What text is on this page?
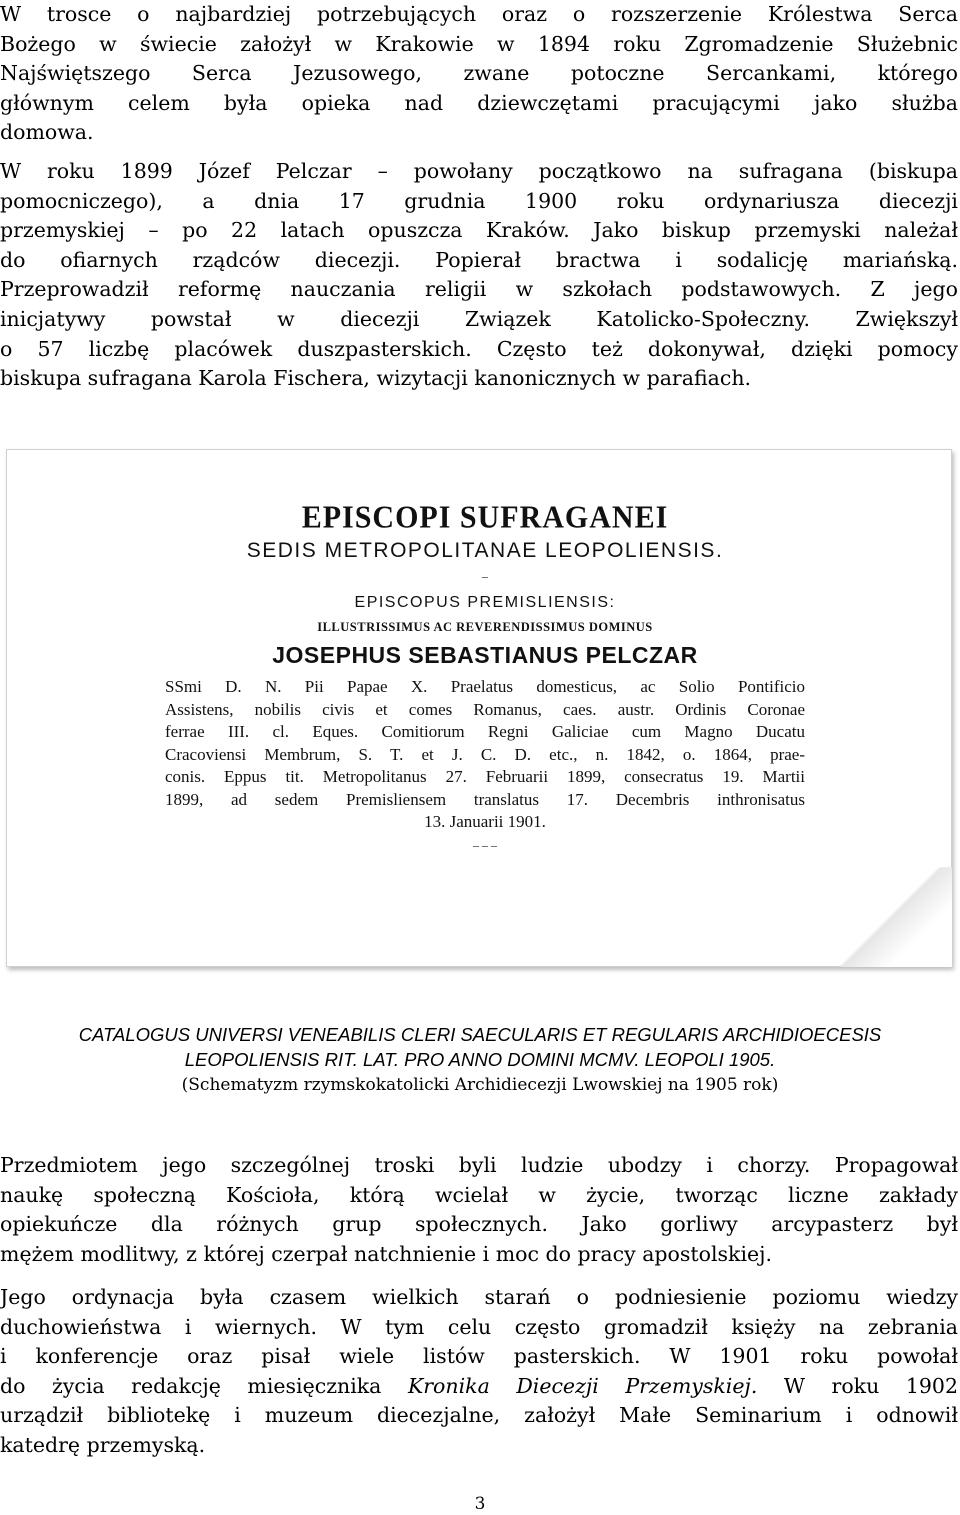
W trosce o najbardziej potrzebujących oraz o rozszerzenie Królestwa Serca
Bożego w świecie założył w Krakowie w 1894 roku Zgromadzenie Służebnic
Najświętszego Serca Jezusowego, zwane potoczne Sercankami, którego
głównym celem była opieka nad dziewczętami pracującymi jako służba
domowa.

W roku 1899 Józef Pelczar – powołany początkowo na sufragana (biskupa
pomocniczego), a dnia 17 grudnia 1900 roku ordynariusza diecezji
przemyskiej – po 22 latach opuszcza Kraków. Jako biskup przemyski należał
do ofiarnych rządców diecezji. Popierał bractwa i sodalicję mariańską.
Przeprowadził reformę nauczania religii w szkołach podstawowych. Z jego
inicjatywy powstał w diecezji Związek Katolicko-Społeczny. Zwiększył
o 57 liczbę placówek duszpasterskich. Często też dokonywał, dzięki pomocy
biskupa sufragana Karola Fischera, wizytacji kanonicznych w parafiach.

EPISCOPI SUFRAGANEI

SEDIS METROPOLITANAE LEOPOLIENSIS.

–

EPISCOPUS PREMISLIENSIS:

ILLUSTRISSIMUS AC REVERENDISSIMUS DOMINUS

JOSEPHUS SEBASTIANUS PELCZAR

SSmi D. N. Pii Papae X. Praelatus domesticus, ac Solio Pontificio

Assistens, nobilis civis et comes Romanus, caes. austr. Ordinis Coronae

ferrae III. cl. Eques. Comitiorum Regni Galiciae cum Magno Ducatu

Cracoviensi Membrum, S. T. et J. C. D. etc., n. 1842, o. 1864, prae-

conis. Eppus tit. Metropolitanus 27. Februarii 1899, consecratus 19. Martii

1899, ad sedem Premisliensem translatus 17. Decembris inthronisatus

13. Januarii 1901.

– – –

CATALOGUS UNIVERSI VENEABILIS CLERI SAECULARIS ET REGULARIS ARCHIDIOECESIS

LEOPOLIENSIS RIT. LAT. PRO ANNO DOMINI MCMV. LEOPOLI 1905.

(Schematyzm rzymskokatolicki Archidiecezji Lwowskiej na 1905 rok)

Przedmiotem jego szczególnej troski byli ludzie ubodzy i chorzy. Propagował
naukę społeczną Kościoła, którą wcielał w życie, tworząc liczne zakłady
opiekuńcze dla różnych grup społecznych. Jako gorliwy arcypasterz był
mężem modlitwy, z której czerpał natchnienie i moc do pracy apostolskiej.

Jego ordynacja była czasem wielkich starań o podniesienie poziomu wiedzy
duchowieństwa i wiernych. W tym celu często gromadził księży na zebrania
i konferencje oraz pisał wiele listów pasterskich. W 1901 roku powołał
do życia redakcję miesięcznika Kronika Diecezji Przemyskiej. W roku 1902
urządził bibliotekę i muzeum diecezjalne, założył Małe Seminarium i odnowił
katedrę przemyską.

3
